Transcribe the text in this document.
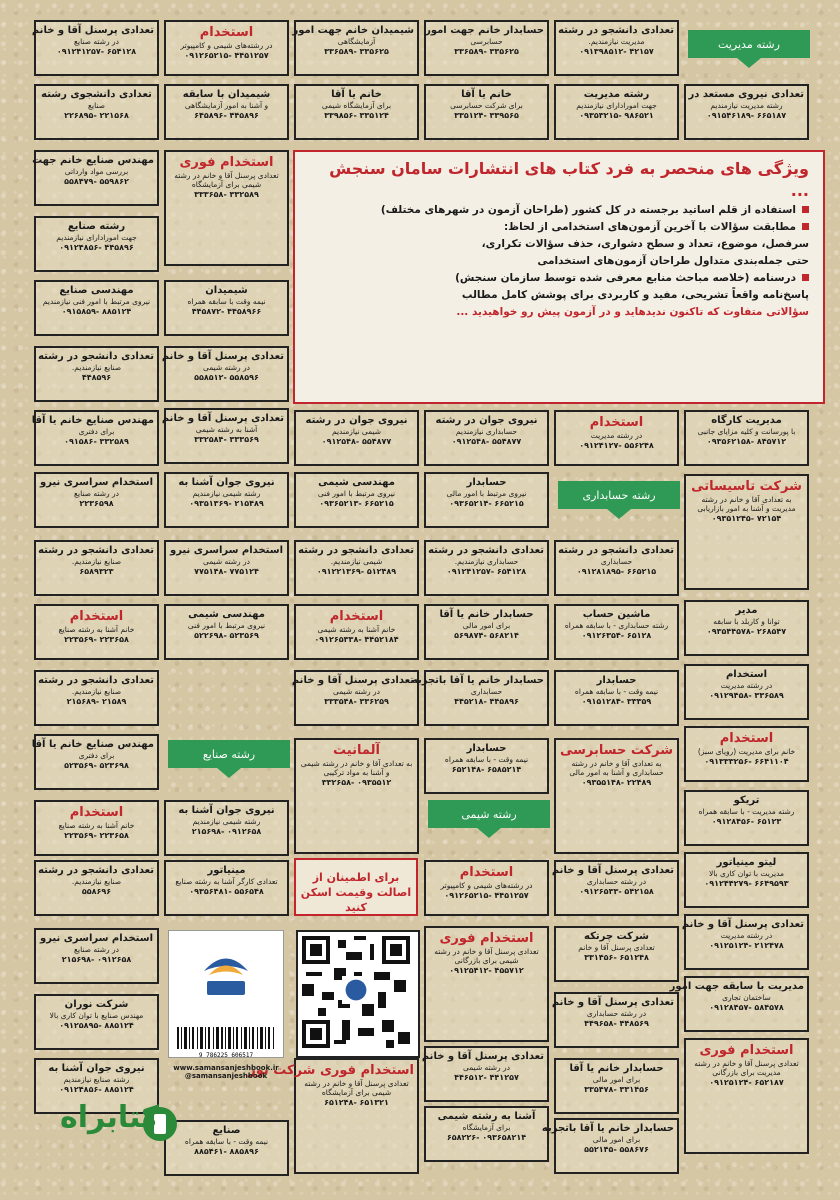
تعدادی دانشجو در رشته
مدیریت نیازمندیم.
۰۹۱۳۹۸۵۱۲- ۴۲۱۵۷
حسابدار خانم جهت امور
حسابرسی
۳۳۶۵۸۹- ۳۳۵۶۲۵
شیمیدان خانم جهت امور
آزمایشگاهی
۳۳۶۵۸۹- ۳۳۵۶۲۵
استخدام
در رشته‌های شیمی و کامپیوتر
۰۹۱۲۶۵۲۱۵- ۴۴۵۱۲۵۷
تعدادی پرسنل آقا و خانم
در رشته صنایع
۰۹۱۲۴۱۲۵۷- ۶۵۴۱۲۸
رشته مدیریت
تعدادی نیروی مستعد در
رشته مدیریت نیازمندیم
۰۹۱۵۴۶۱۸۹- ۶۶۵۱۸۷
رشته مدیریت
جهت امورادارای نیازمندیم
۰۹۳۵۳۲۱۵- ۹۸۶۵۲۱
خانم یا آقا
برای شرکت حسابرسی
۳۳۵۱۲۴- ۳۳۹۵۶۵
خانم یا آقا
برای آزمایشگاه شیمی
۳۳۹۸۵۶- ۳۳۵۱۲۴
شیمیدان با سابقه
و آشنا به امور آزمایشگاهی
۶۴۵۸۹۶- ۴۴۵۸۹۶
تعدادی دانشجوی رشته
صنایع
۲۲۶۸۹۵- ۲۲۱۵۶۸
ویژگی های منحصر به فرد کتاب های انتشارات سامان سنجش ...
استفاده از قلم اساتید برجسته در کل کشور (طراحان آزمون در شهرهای مختلف)
مطابقت سؤالات با آخرین آزمون‌های استخدامی از لحاظ:
سرفصل، موضوع، تعداد و سطح دشواری، حذف سؤالات تکراری،
حتی جمله‌بندی متداول طراحان آزمون‌های استخدامی
درسنامه (خلاصه مباحث منابع معرفی شده توسط سازمان سنجش)
پاسخ‌نامه واقعاً تشریحی، مفید و کاربردی برای پوشش کامل مطالب
سؤالاتی متفاوت که تاکنون ندیدهاید و در آزمون پیش رو خواهیدید ...
مهندس صنایع خانم جهت
بررسی مواد وارداتی
۵۵۸۴۷۹- ۵۵۹۸۶۲
رشته صنایع
جهت امورادارای نیازمندیم
۰۹۱۲۴۸۵۶- ۴۴۵۸۹۶
مهندسی صنایع
نیروی مرتبط با امور فنی نیازمندیم
۰۹۱۵۸۵۹- ۸۸۵۱۲۴
تعدادی دانشجو در رشته
صنایع نیازمندیم.
۴۴۸۵۹۶
مهندس صنایع خانم یا آقا
برای دفتری
۰۹۱۵۸۶- ۳۳۲۵۸۹
استخدام سراسری نیرو
در رشته صنایع
۲۲۳۶۵۹۸
تعدادی دانشجو در رشته
صنایع نیازمندیم.
۶۵۸۹۳۲۳
استخدام
خانم آشنا به رشته صنایع
۲۲۳۵۶۹- ۲۲۳۶۵۸
تعدادی دانشجو در رشته
صنایع نیازمندیم.
۲۱۵۶۸۹- ۲۱۵۸۹
مهندس صنایع خانم یا آقا
برای دفتری
۵۲۳۵۶۹- ۵۲۳۶۹۸
استخدام
خانم آشنا به رشته صنایع
۲۲۳۵۶۹- ۲۲۳۶۵۸
تعدادی دانشجو در رشته
صنایع نیازمندیم.
۵۵۸۶۹۶
استخدام سراسری نیرو
در رشته صنایع
۲۱۵۶۹۸- ۰۹۱۲۶۵۸
شرکت نوران
مهندس صنایع با توان کاری بالا
۰۹۱۲۵۸۹۵- ۸۸۵۱۲۴
نیروی جوان آشنا به
رشته صنایع نیازمندیم
۰۹۱۲۴۸۵۶- ۸۸۵۱۲۴
استخدام فوری
تعدادی پرسنل آقا و خانم در رشته شیمی برای آزمایشگاه
۳۳۳۶۵۸- ۳۳۲۵۸۹
شیمیدان
نیمه وقت با سابقه همراه
۴۴۵۸۷۲- ۴۴۵۸۹۶۶
تعدادی پرسنل آقا و خانم
در رشته شیمی
۵۵۸۵۱۲- ۵۵۸۵۹۶
تعدادی پرسنل آقا و خانم
آشنا به رشته شیمی
۳۳۲۵۸۴- ۳۳۳۵۶۹
نیروی جوان آشنا به
رشته شیمی نیازمندیم
۰۹۳۵۱۳۶۹- ۲۱۵۴۸۹
استخدام سراسری نیرو
در رشته شیمی
۷۷۵۱۴۸- ۷۷۵۱۲۴
مهندسی شیمی
نیروی مرتبط با امور فنی
۵۲۲۶۹۸- ۵۲۳۵۶۹
نیروی جوان آشنا به
رشته شیمی نیازمندیم
۲۱۵۶۹۸- ۰۹۱۲۶۵۸
مینیاتور
تعدادی کارگر آشنا به رشته صنایع
۰۹۳۵۶۴۸۱- ۵۵۶۵۴۸
صنایع
نیمه وقت - با سابقه همراه
۸۸۵۴۶۱- ۸۸۵۸۹۶
نیروی جوان در رشته
شیمی نیازمندیم
۰۹۱۲۵۴۸- ۵۵۴۸۷۷
مهندسی شیمی
نیروی مرتبط با امور فنی
۰۹۳۶۵۲۱۳- ۶۶۵۲۱۵
تعدادی دانشجو در رشته
شیمی نیازمندیم.
۰۹۱۲۲۱۳۶۹- ۵۱۲۴۸۹
استخدام
خانم آشنا به رشته شیمی
۰۹۱۲۶۵۳۳۸- ۴۴۵۲۱۸۴
تعدادی پرسنل آقا و خانم
در رشته شیمی
۳۳۳۵۴۸- ۳۳۶۲۵۹
آلمانیت
به تعدادی آقا و خانم در رشته شیمی و آشنا به مواد ترکیبی
۳۳۲۶۵۸- ۰۹۳۵۵۱۲
استخدام فوری شرکت نور
تعدادی پرسنل آقا و خانم در رشته شیمی برای آزمایشگاه
۶۵۱۲۴۸- ۶۵۱۳۲۱
نیروی جوان در رشته
حسابداری نیازمندیم
۰۹۱۲۵۴۸- ۵۵۴۸۷۷
حسابدار
نیروی مرتبط با امور مالی
۰۹۳۶۵۲۱۴- ۶۶۵۲۱۵
تعدادی دانشجو در رشته
حسابداری نیازمندیم.
۰۹۱۲۴۱۲۵۷- ۶۵۴۱۲۸
حسابدار خانم یا آقا
برای امور مالی
۵۶۹۸۷۴- ۵۶۸۲۱۴
حسابدار خانم یا آقا باتجربه
حسابداری
۴۴۵۲۱۸- ۴۴۵۸۹۶
حسابدار
نیمه وقت - با سابقه همراه
۶۵۲۱۴۸- ۶۵۸۵۲۱۴
استخدام
در رشته‌های شیمی و کامپیوتر
۰۹۱۲۶۵۲۱۵- ۴۴۵۱۲۵۷
استخدام فوری
تعدادی پرسنل آقا و خانم در رشته شیمی برای بازرگانی
۰۹۱۲۵۴۱۲- ۴۵۵۷۱۲
تعدادی پرسنل آقا و خانم
در رشته شیمی
۴۴۶۵۱۲- ۴۴۱۲۵۷
آشنا به رشته شیمی
برای آزمایشگاه
۶۵۸۲۲۶- ۰۹۳۶۵۸۲۱۴
استخدام
در رشته مدیریت
۰۹۱۲۴۱۲۷- ۵۵۶۲۴۸
تعدادی دانشجو در رشته
حسابداری
۰۹۱۲۸۱۸۹۵- ۶۶۵۲۱۵
ماشین حساب
رشته حسابداری - با سابقه همراه
۰۹۱۲۶۳۵۴- ۶۵۱۲۸
حسابدار
نیمه وقت - با سابقه همراه
۰۹۱۵۱۲۸۴- ۳۳۳۵۹
شرکت حسابرسی
به تعدادی آقا و خانم در رشته حسابداری و آشنا به امور مالی
۰۹۳۵۵۱۴۸- ۲۲۴۸۹
تعدادی پرسنل آقا و خانم
در رشته حسابداری
۰۹۱۲۶۵۳۳- ۵۴۲۱۵۸
شرکت چرتکه
تعدادی پرسنل آقا و خانم
۳۳۱۴۵۶- ۶۵۱۲۴۸
تعدادی پرسنل آقا و خانم
در رشته حسابداری
۴۴۹۶۵۸- ۴۴۸۵۶۹
حسابدار خانم یا آقا
برای امور مالی
۳۳۵۴۷۸- ۳۳۱۴۵۶
حسابدار خانم یا آقا باتجربه
برای امور مالی
۵۵۲۱۴۵- ۵۵۸۶۷۶
مدیریت کارگاه
با پورسانت و کلیه مزایای جانبی
۰۹۳۵۶۲۱۵۸- ۸۴۵۷۱۲
شرکت تاسیساتی
به تعدادی آقا و خانم در رشته مدیریت و آشنا به امور بازاریابی
۰۹۳۵۱۲۴۵- ۷۲۱۵۴
مدیر
توانا و کاربلد با سابقه
۰۹۳۵۴۴۵۷۸- ۲۶۸۵۴۷
استخدام
در رشته مدیریت
۰۹۱۲۹۴۵۸- ۳۳۶۵۸۹
استخدام
خانم برای مدیریت (رویای سبز)
۰۹۱۳۳۳۲۵۶- ۶۶۴۱۱۰۴
تریکو
رشته مدیریت - با سابقه همراه
۰۹۱۲۸۴۵۶- ۶۵۱۲۳
لیتو مینیاتور
مدیریت با توان کاری بالا
۰۹۱۲۴۴۲۷۹- ۶۶۴۹۵۹۳
تعدادی پرسنل آقا و خانم
در رشته مدیریت
۰۹۱۲۵۱۲۴- ۲۱۲۴۷۸
مدیریت با سابقه جهت امور
ساختمان تجاری
۰۹۱۲۸۴۵۷- ۵۸۴۵۷۸
استخدام فوری
تعدادی پرسنل آقا و خانم در رشته مدیریت برای بازرگانی
۰۹۱۲۵۱۲۴- ۶۵۲۱۸۷
رشته حسابداری
رشته صنایع
رشته شیمی
برای اطمینان از اصالت وقیمت اسکن کنید

9 786225 606517
www.samansanjeshbook.ir
@samansanjeshbook
کتابراه
